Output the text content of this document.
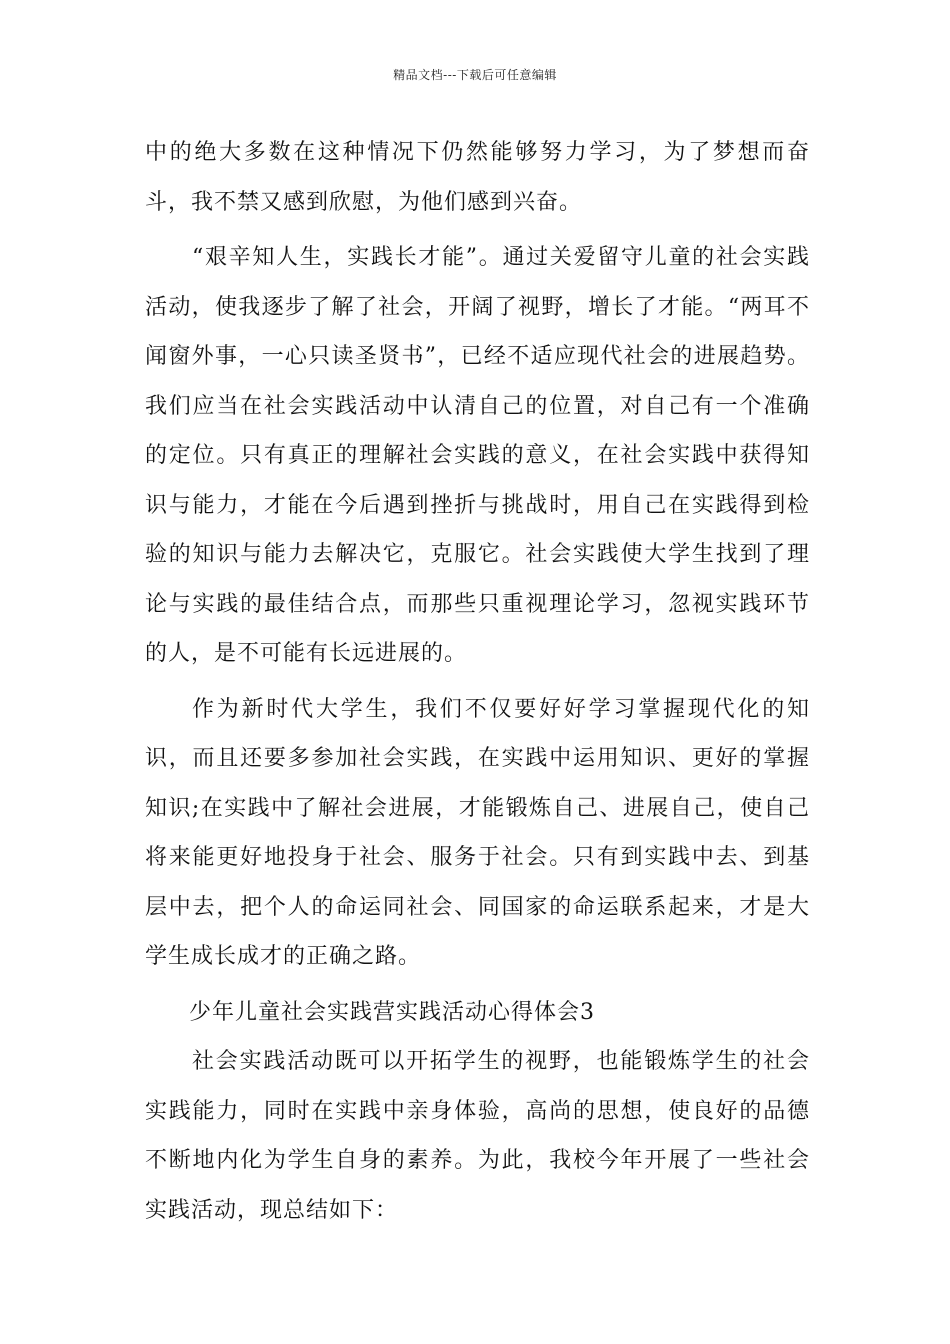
精品文档---下载后可任意编辑

中的绝大多数在这种情况下仍然能够努力学习，为了梦想而奋斗，我不禁又感到欣慰，为他们感到兴奋。

“艰辛知人生，实践长才能”。通过关爱留守儿童的社会实践活动，使我逐步了解了社会，开阔了视野，增长了才能。“两耳不闻窗外事，一心只读圣贤书”，已经不适应现代社会的进展趋势。我们应当在社会实践活动中认清自己的位置，对自己有一个准确的定位。只有真正的理解社会实践的意义，在社会实践中获得知识与能力，才能在今后遇到挫折与挑战时，用自己在实践得到检验的知识与能力去解决它，克服它。社会实践使大学生找到了理论与实践的最佳结合点，而那些只重视理论学习，忽视实践环节的人，是不可能有长远进展的。

作为新时代大学生，我们不仅要好好学习掌握现代化的知识，而且还要多参加社会实践，在实践中运用知识、更好的掌握知识;在实践中了解社会进展，才能锻炼自己、进展自己，使自己将来能更好地投身于社会、服务于社会。只有到实践中去、到基层中去，把个人的命运同社会、同国家的命运联系起来，才是大学生成长成才的正确之路。

少年儿童社会实践营实践活动心得体会3

社会实践活动既可以开拓学生的视野，也能锻炼学生的社会实践能力，同时在实践中亲身体验，高尚的思想，使良好的品德不断地内化为学生自身的素养。为此，我校今年开展了一些社会实践活动，现总结如下：
